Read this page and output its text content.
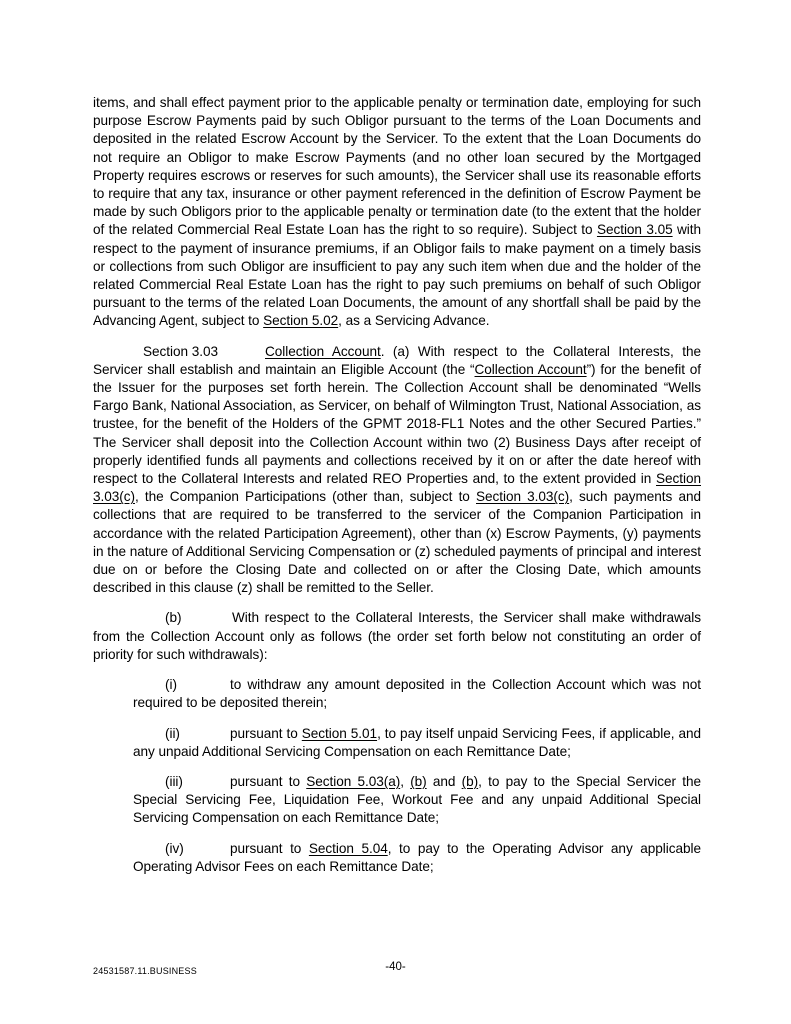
items, and shall effect payment prior to the applicable penalty or termination date, employing for such purpose Escrow Payments paid by such Obligor pursuant to the terms of the Loan Documents and deposited in the related Escrow Account by the Servicer. To the extent that the Loan Documents do not require an Obligor to make Escrow Payments (and no other loan secured by the Mortgaged Property requires escrows or reserves for such amounts), the Servicer shall use its reasonable efforts to require that any tax, insurance or other payment referenced in the definition of Escrow Payment be made by such Obligors prior to the applicable penalty or termination date (to the extent that the holder of the related Commercial Real Estate Loan has the right to so require). Subject to Section 3.05 with respect to the payment of insurance premiums, if an Obligor fails to make payment on a timely basis or collections from such Obligor are insufficient to pay any such item when due and the holder of the related Commercial Real Estate Loan has the right to pay such premiums on behalf of such Obligor pursuant to the terms of the related Loan Documents, the amount of any shortfall shall be paid by the Advancing Agent, subject to Section 5.02, as a Servicing Advance.

Section 3.03	Collection Account. (a) With respect to the Collateral Interests, the Servicer shall establish and maintain an Eligible Account (the “Collection Account”) for the benefit of the Issuer for the purposes set forth herein. The Collection Account shall be denominated “Wells Fargo Bank, National Association, as Servicer, on behalf of Wilmington Trust, National Association, as trustee, for the benefit of the Holders of the GPMT 2018-FL1 Notes and the other Secured Parties.” The Servicer shall deposit into the Collection Account within two (2) Business Days after receipt of properly identified funds all payments and collections received by it on or after the date hereof with respect to the Collateral Interests and related REO Properties and, to the extent provided in Section 3.03(c), the Companion Participations (other than, subject to Section 3.03(c), such payments and collections that are required to be transferred to the servicer of the Companion Participation in accordance with the related Participation Agreement), other than (x) Escrow Payments, (y) payments in the nature of Additional Servicing Compensation or (z) scheduled payments of principal and interest due on or before the Closing Date and collected on or after the Closing Date, which amounts described in this clause (z) shall be remitted to the Seller.

(b)	With respect to the Collateral Interests, the Servicer shall make withdrawals from the Collection Account only as follows (the order set forth below not constituting an order of priority for such withdrawals):

(i)	to withdraw any amount deposited in the Collection Account which was not required to be deposited therein;

(ii)	pursuant to Section 5.01, to pay itself unpaid Servicing Fees, if applicable, and any unpaid Additional Servicing Compensation on each Remittance Date;

(iii)	pursuant to Section 5.03(a), (b) and (b), to pay to the Special Servicer the Special Servicing Fee, Liquidation Fee, Workout Fee and any unpaid Additional Special Servicing Compensation on each Remittance Date;

(iv)	pursuant to Section 5.04, to pay to the Operating Advisor any applicable Operating Advisor Fees on each Remittance Date;

24531587.11.BUSINESS	-40-
